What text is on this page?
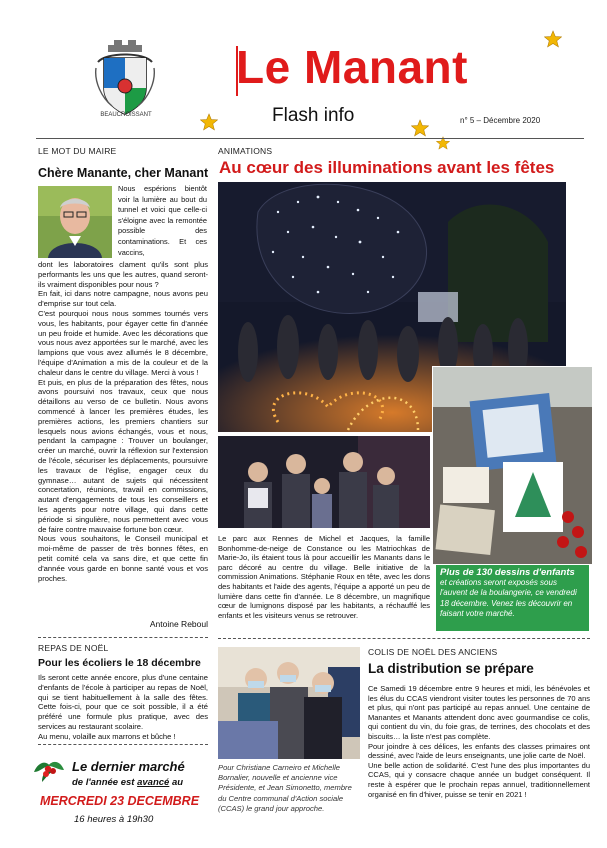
BEAUCROISSANT
Le Manant
Flash info	n° 5 – Décembre 2020
LE MOT DU MAIRE
Chère Manante, cher Manant
Nous espérions bientôt voir la lumière au bout du tunnel et voici que celle-ci s'éloigne avec la remontée possible des contaminations. Et ces vaccins,
dont les laboratoires clament qu'ils sont plus performants les uns que les autres, quand seront-ils vraiment disponibles pour nous ?
En fait, ici dans notre campagne, nous avons peu d'emprise sur tout cela.
C'est pourquoi nous nous sommes tournés vers vous, les habitants, pour égayer cette fin d'année un peu froide et humide. Avec les décorations que vous nous avez apportées sur le marché, avec les lampions que vous avez allumés le 8 décembre, l'équipe d'Animation a mis de la couleur et de la chaleur dans le centre du village. Merci à vous !
Et puis, en plus de la préparation des fêtes, nous avons poursuivi nos travaux, ceux que nous détaillons au verso de ce bulletin. Nous avons commencé à lancer les premières études, les premières actions, les premiers chantiers sur lesquels nous avions échangés, vous et nous, pendant la campagne : Trouver un boulanger, créer un marché, ouvrir la réflexion sur l'extension de l'école, sécuriser les déplacements, poursuivre les travaux de l'église, engager ceux du gymnase… autant de sujets qui nécessitent concertation, réunions, travail en commissions, autant d'engagements de tous les conseillers et les agents pour notre village, qui dans cette période si singulière, nous permettent avec vous de faire contre mauvaise fortune bon cœur.
Nous vous souhaitons, le Conseil municipal et moi-même de passer de très bonnes fêtes, en petit comité cela va sans dire, et que cette fin d'année vous garde en bonne santé vous et vos proches.
Antoine Reboul
REPAS DE NOËL
Pour les écoliers le 18 décembre
Ils seront cette année encore, plus d'une centaine d'enfants de l'école à participer au repas de Noël, qui se tient habituellement à la salle des fêtes. Cette fois-ci, pour que ce soit possible, il a été préféré une formule plus pratique, avec des services au restaurant scolaire.
Au menu, volaille aux marrons et bûche !
Le dernier marché
de l'année est avancé au
MERCREDI 23 DECEMBRE
16 heures à 19h30
ANIMATIONS
Au cœur des illuminations avant les fêtes
Le parc aux Rennes de Michel et Jacques, la famille Bonhomme-de-neige de Constance ou les Matriochkas de Marie-Jo, ils étaient tous là pour accueillir les Manants dans le parc décoré au centre du village. Belle initiative de la commission Animations. Stéphanie Roux en tête, avec les dons des habitants et l'aide des agents, l'équipe a apporté un peu de lumière dans cette fin d'année. Le 8 décembre, un magnifique cœur de lumignons disposé par les habitants, a réchauffé les enfants et les visiteurs venus se retrouver.
Plus de 130 dessins d'enfants
et créations seront exposés sous l'auvent de la boulangerie, ce vendredi 18 décembre. Venez les découvrir en faisant votre marché.
COLIS DE NOËL DES ANCIENS
Pour Christiane Carneiro et Michelle Bornalier, nouvelle et ancienne vice Présidente, et Jean Simonetto, membre du Centre communal d'Action sociale (CCAS) le grand jour approche.
La distribution se prépare
Ce Samedi 19 décembre entre 9 heures et midi, les bénévoles et les élus du CCAS viendront visiter toutes les personnes de 70 ans et plus, qui n'ont pas participé au repas annuel. Une centaine de Manantes et Manants attendent donc avec gourmandise ce colis, qui contient du vin, du foie gras, de terrines, des chocolats et des biscuits… la liste n'est pas complète.
Pour joindre à ces délices, les enfants des classes primaires ont dessiné, avec l'aide de leurs enseignants, une jolie carte de Noël.
Une belle action de solidarité. C'est l'une des plus importantes du CCAS, qui y consacre chaque année un budget conséquent. Il reste à espérer que le prochain repas annuel, traditionnellement organisé en fin d'hiver, puisse se tenir en 2021 !
